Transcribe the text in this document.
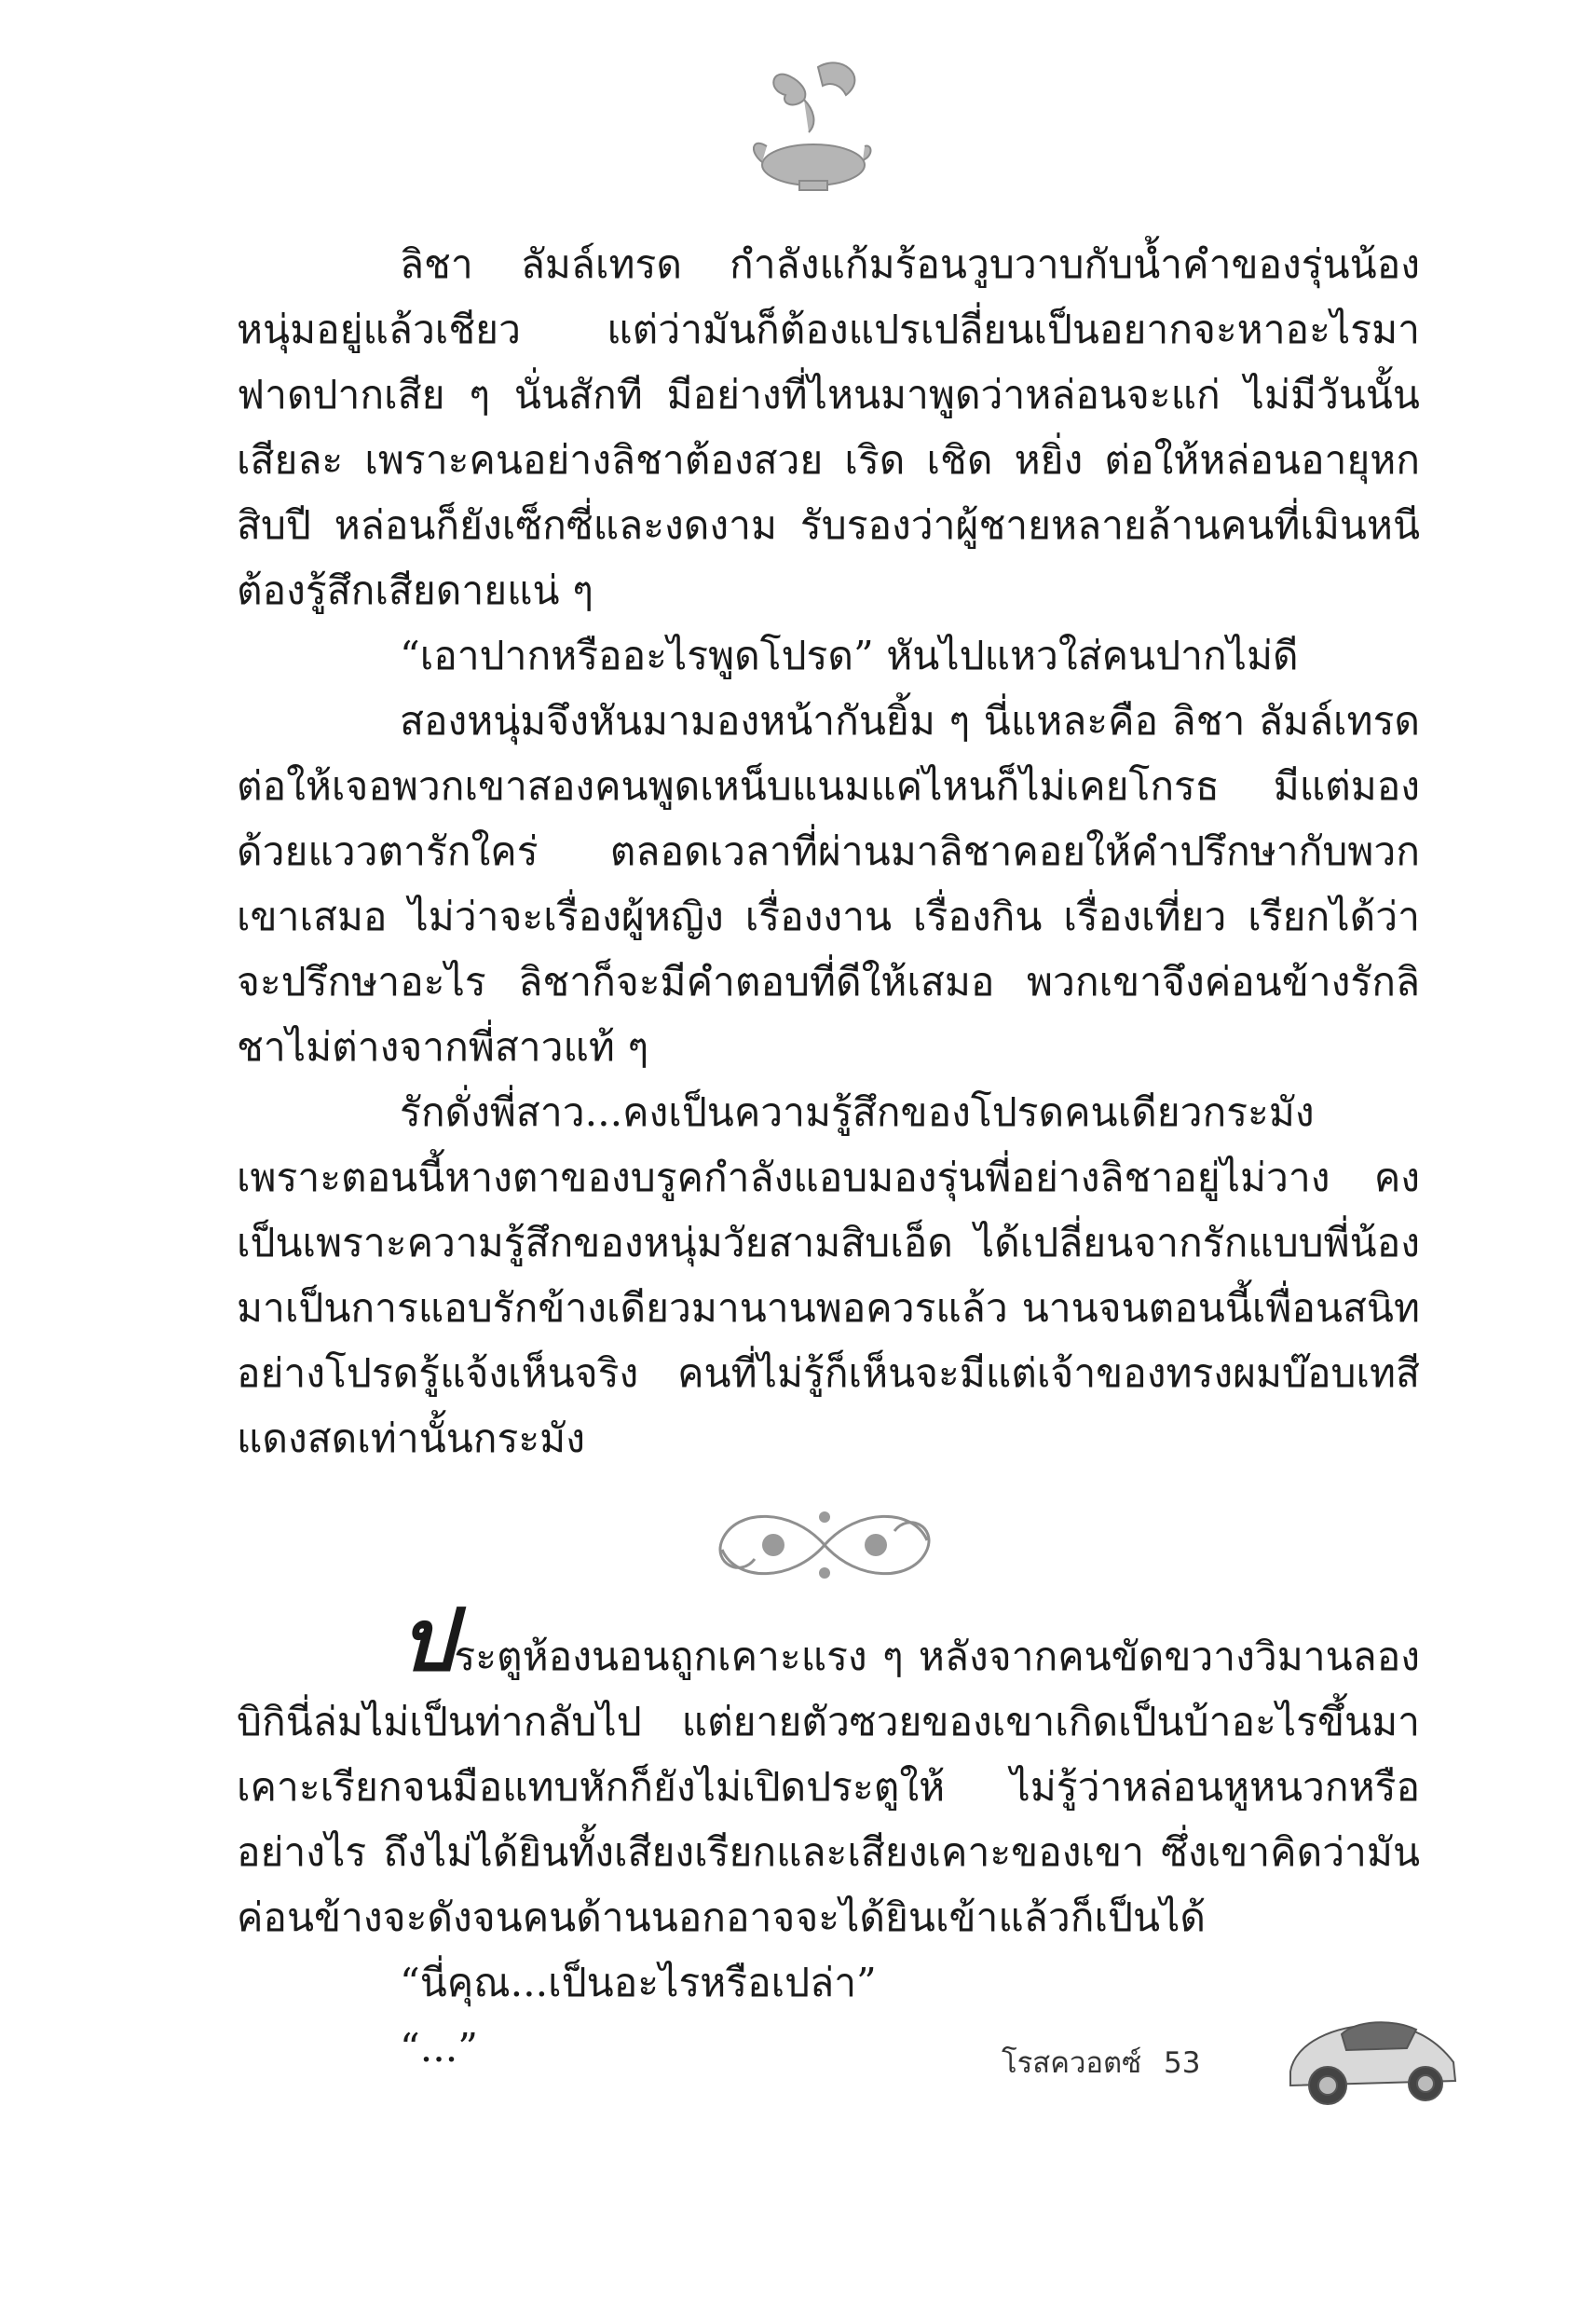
ลิชา ลัมล์เทรด กำลังแก้มร้อนวูบวาบกับน้ำคำของรุ่นน้องหนุ่มอยู่แล้วเชียว แต่ว่ามันก็ต้องแปรเปลี่ยนเป็นอยากจะหาอะไรมาฟาดปากเสีย ๆ นั่นสักที มีอย่างที่ไหนมาพูดว่าหล่อนจะแก่ ไม่มีวันนั้นเสียละ เพราะคนอย่างลิชาต้องสวย เริด เชิด หยิ่ง ต่อให้หล่อนอายุหกสิบปี หล่อนก็ยังเซ็กซี่และงดงาม รับรองว่าผู้ชายหลายล้านคนที่เมินหนีต้องรู้สึกเสียดายแน่ ๆ

“เอาปากหรืออะไรพูดโปรด” หันไปแหวใส่คนปากไม่ดี

สองหนุ่มจึงหันมามองหน้ากันยิ้ม ๆ นี่แหละคือ ลิชา ลัมล์เทรด ต่อให้เจอพวกเขาสองคนพูดเหน็บแนมแค่ไหนก็ไม่เคยโกรธ มีแต่มองด้วยแววตารักใคร่ ตลอดเวลาที่ผ่านมาลิชาคอยให้คำปรึกษากับพวกเขาเสมอ ไม่ว่าจะเรื่องผู้หญิง เรื่องงาน เรื่องกิน เรื่องเที่ยว เรียกได้ว่าจะปรึกษาอะไร ลิชาก็จะมีคำตอบที่ดีให้เสมอ พวกเขาจึงค่อนข้างรักลิชาไม่ต่างจากพี่สาวแท้ ๆ

รักดั่งพี่สาว...คงเป็นความรู้สึกของโปรดคนเดียวกระมัง เพราะตอนนี้หางตาของบรูคกำลังแอบมองรุ่นพี่อย่างลิชาอยู่ไม่วาง คงเป็นเพราะความรู้สึกของหนุ่มวัยสามสิบเอ็ด ได้เปลี่ยนจากรักแบบพี่น้องมาเป็นการแอบรักข้างเดียวมานานพอควรแล้ว นานจนตอนนี้เพื่อนสนิทอย่างโปรดรู้แจ้งเห็นจริง คนที่ไม่รู้ก็เห็นจะมีแต่เจ้าของทรงผมบ๊อบเทสีแดงสดเท่านั้นกระมัง

ประตูห้องนอนถูกเคาะแรง ๆ หลังจากคนขัดขวางวิมานลองบิกินี่ล่มไม่เป็นท่ากลับไป แต่ยายตัวซวยของเขาเกิดเป็นบ้าอะไรขึ้นมาเคาะเรียกจนมือแทบหักก็ยังไม่เปิดประตูให้ ไม่รู้ว่าหล่อนหูหนวกหรืออย่างไร ถึงไม่ได้ยินทั้งเสียงเรียกและเสียงเคาะของเขา ซึ่งเขาคิดว่ามันค่อนข้างจะดังจนคนด้านนอกอาจจะได้ยินเข้าแล้วก็เป็นได้

“นี่คุณ...เป็นอะไรหรือเปล่า”

“...”	โรสควอตซ์ 53
